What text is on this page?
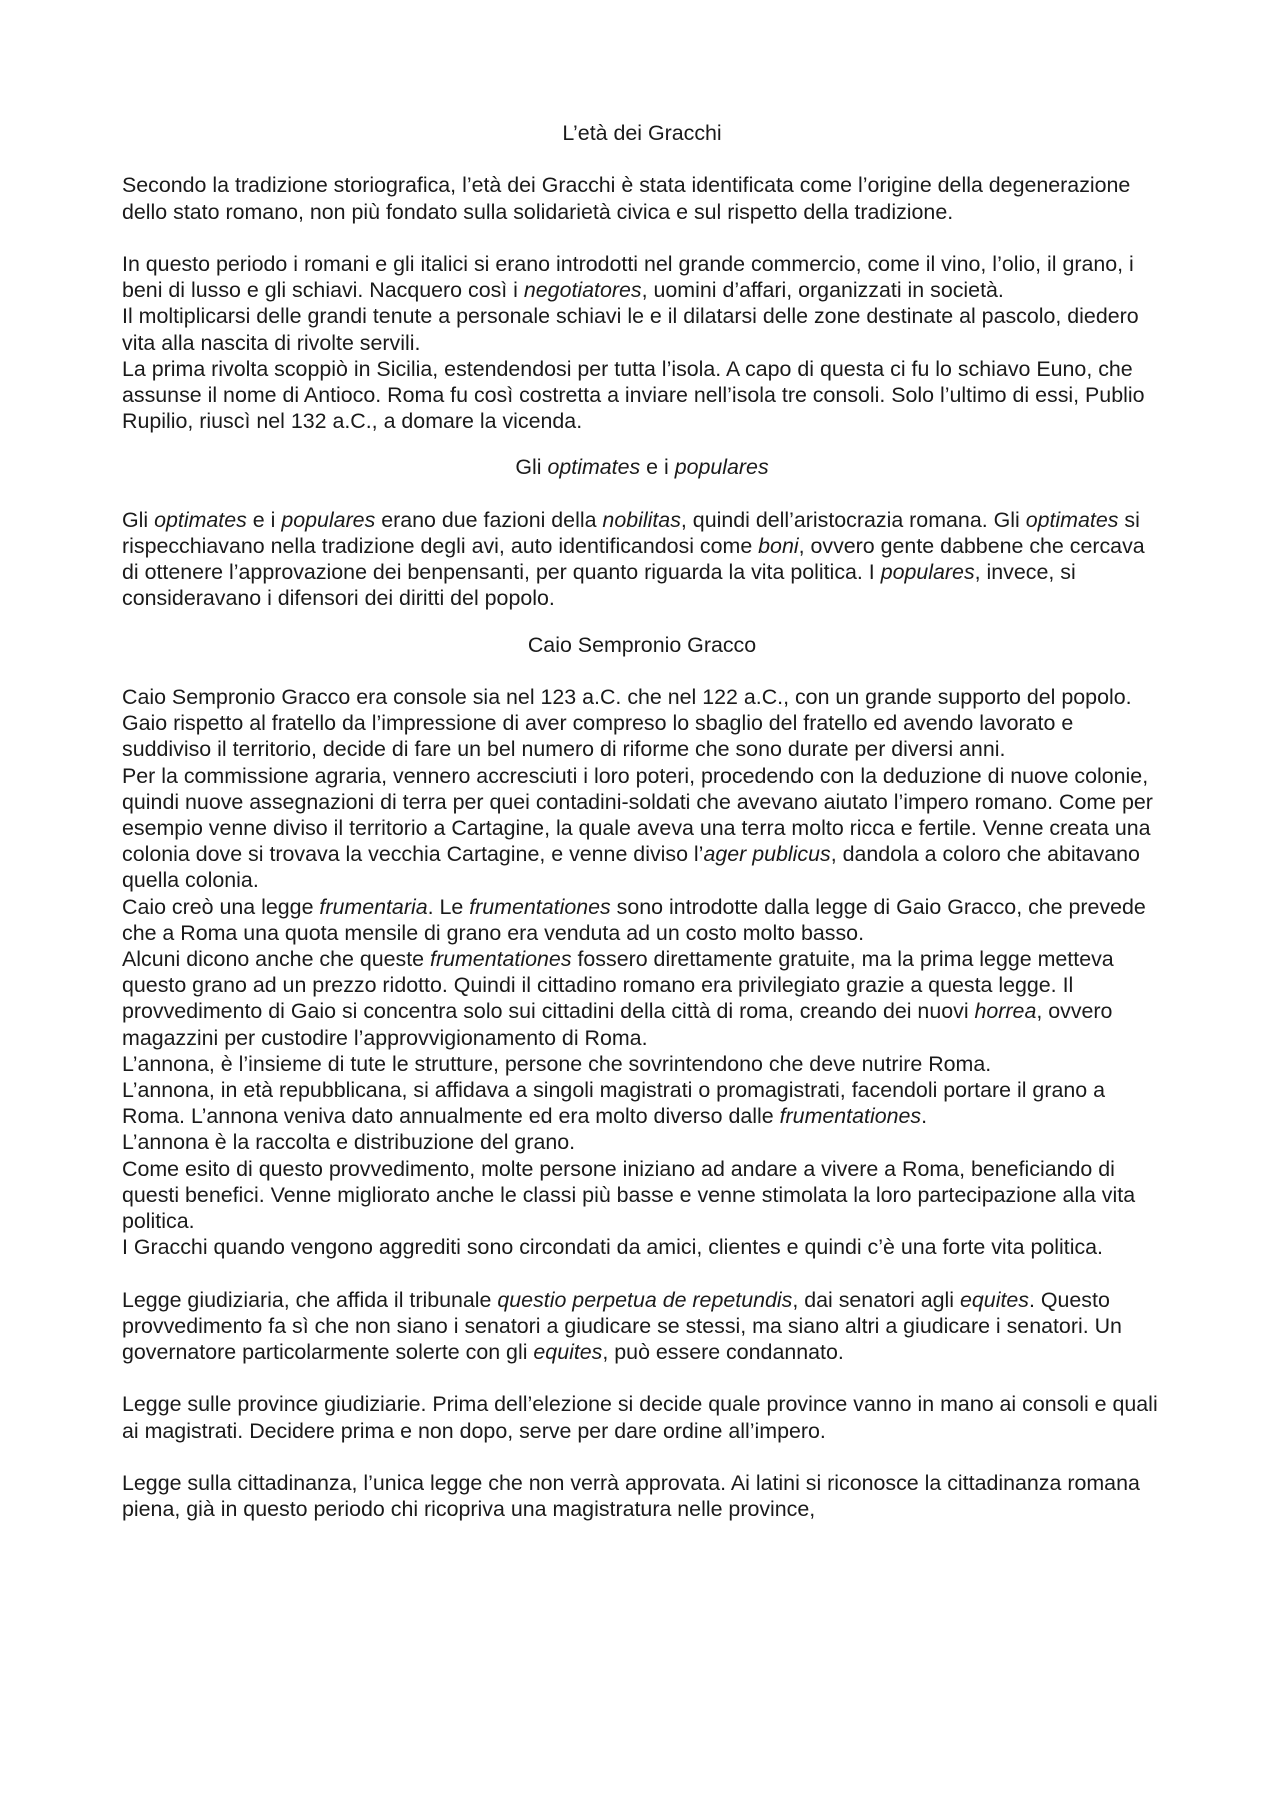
L’età dei Gracchi

Secondo la tradizione storiografica, l’età dei Gracchi è stata identificata come l’origine della degenerazione dello stato romano, non più fondato sulla solidarietà civica e sul rispetto della tradizione.

In questo periodo i romani e gli italici si erano introdotti nel grande commercio, come il vino, l’olio, il grano, i beni di lusso e gli schiavi. Nacquero così i negotiatores, uomini d’affari, organizzati in società.

Il moltiplicarsi delle grandi tenute a personale schiavi le e il dilatarsi delle zone destinate al pascolo, diedero vita alla nascita di rivolte servili.

La prima rivolta scoppiò in Sicilia, estendendosi per tutta l’isola. A capo di questa ci fu lo schiavo Euno, che assunse il nome di Antioco. Roma fu così costretta a inviare nell’isola tre consoli. Solo l’ultimo di essi, Publio Rupilio, riuscì nel 132 a.C., a domare la vicenda.

Gli optimates e i populares

Gli optimates e i populares erano due fazioni della nobilitas, quindi dell’aristocrazia romana. Gli optimates si rispecchiavano nella tradizione degli avi, auto identificandosi come boni, ovvero gente dabbene che cercava di ottenere l’approvazione dei benpensanti, per quanto riguarda la vita politica. I populares, invece, si consideravano i difensori dei diritti del popolo.

Caio Sempronio Gracco

Caio Sempronio Gracco era console sia nel 123 a.C. che nel 122 a.C., con un grande supporto del popolo. Gaio rispetto al fratello da l’impressione di aver compreso lo sbaglio del fratello ed avendo lavorato e suddiviso il territorio, decide di fare un bel numero di riforme che sono durate per diversi anni.

Per la commissione agraria, vennero accresciuti i loro poteri, procedendo con la deduzione di nuove colonie, quindi nuove assegnazioni di terra per quei contadini-soldati che avevano aiutato l’impero romano. Come per esempio venne diviso il territorio a Cartagine, la quale aveva una terra molto ricca e fertile. Venne creata una colonia dove si trovava la vecchia Cartagine, e venne diviso l’ager publicus, dandola a coloro che abitavano quella colonia.

Caio creò una legge frumentaria. Le frumentationes sono introdotte dalla legge di Gaio Gracco, che prevede che a Roma una quota mensile di grano era venduta ad un costo molto basso.

Alcuni dicono anche che queste frumentationes fossero direttamente gratuite, ma la prima legge metteva questo grano ad un prezzo ridotto. Quindi il cittadino romano era privilegiato grazie a questa legge. Il provvedimento di Gaio si concentra solo sui cittadini della città di roma, creando dei nuovi horrea, ovvero magazzini per custodire l’approvvigionamento di Roma.

L’annona, è l’insieme di tute le strutture, persone che sovrintendono che deve nutrire Roma.

L’annona, in età repubblicana, si affidava a singoli magistrati o promagistrati, facendoli portare il grano a Roma. L’annona veniva dato annualmente ed era molto diverso dalle frumentationes.

L’annona è la raccolta e distribuzione del grano.

Come esito di questo provvedimento, molte persone iniziano ad andare a vivere a Roma, beneficiando di questi benefici. Venne migliorato anche le classi più basse e venne stimolata la loro partecipazione alla vita politica.

I Gracchi quando vengono aggrediti sono circondati da amici, clientes e quindi c’è una forte vita politica.

Legge giudiziaria, che affida il tribunale questio perpetua de repetundis, dai senatori agli equites. Questo provvedimento fa sì che non siano i senatori a giudicare se stessi, ma siano altri a giudicare i senatori. Un governatore particolarmente solerte con gli equites, può essere condannato.

Legge sulle province giudiziarie. Prima dell’elezione si decide quale province vanno in mano ai consoli e quali ai magistrati. Decidere prima e non dopo, serve per dare ordine all’impero.

Legge sulla cittadinanza, l’unica legge che non verrà approvata. Ai latini si riconosce la cittadinanza romana piena, già in questo periodo chi ricopriva una magistratura nelle province,
